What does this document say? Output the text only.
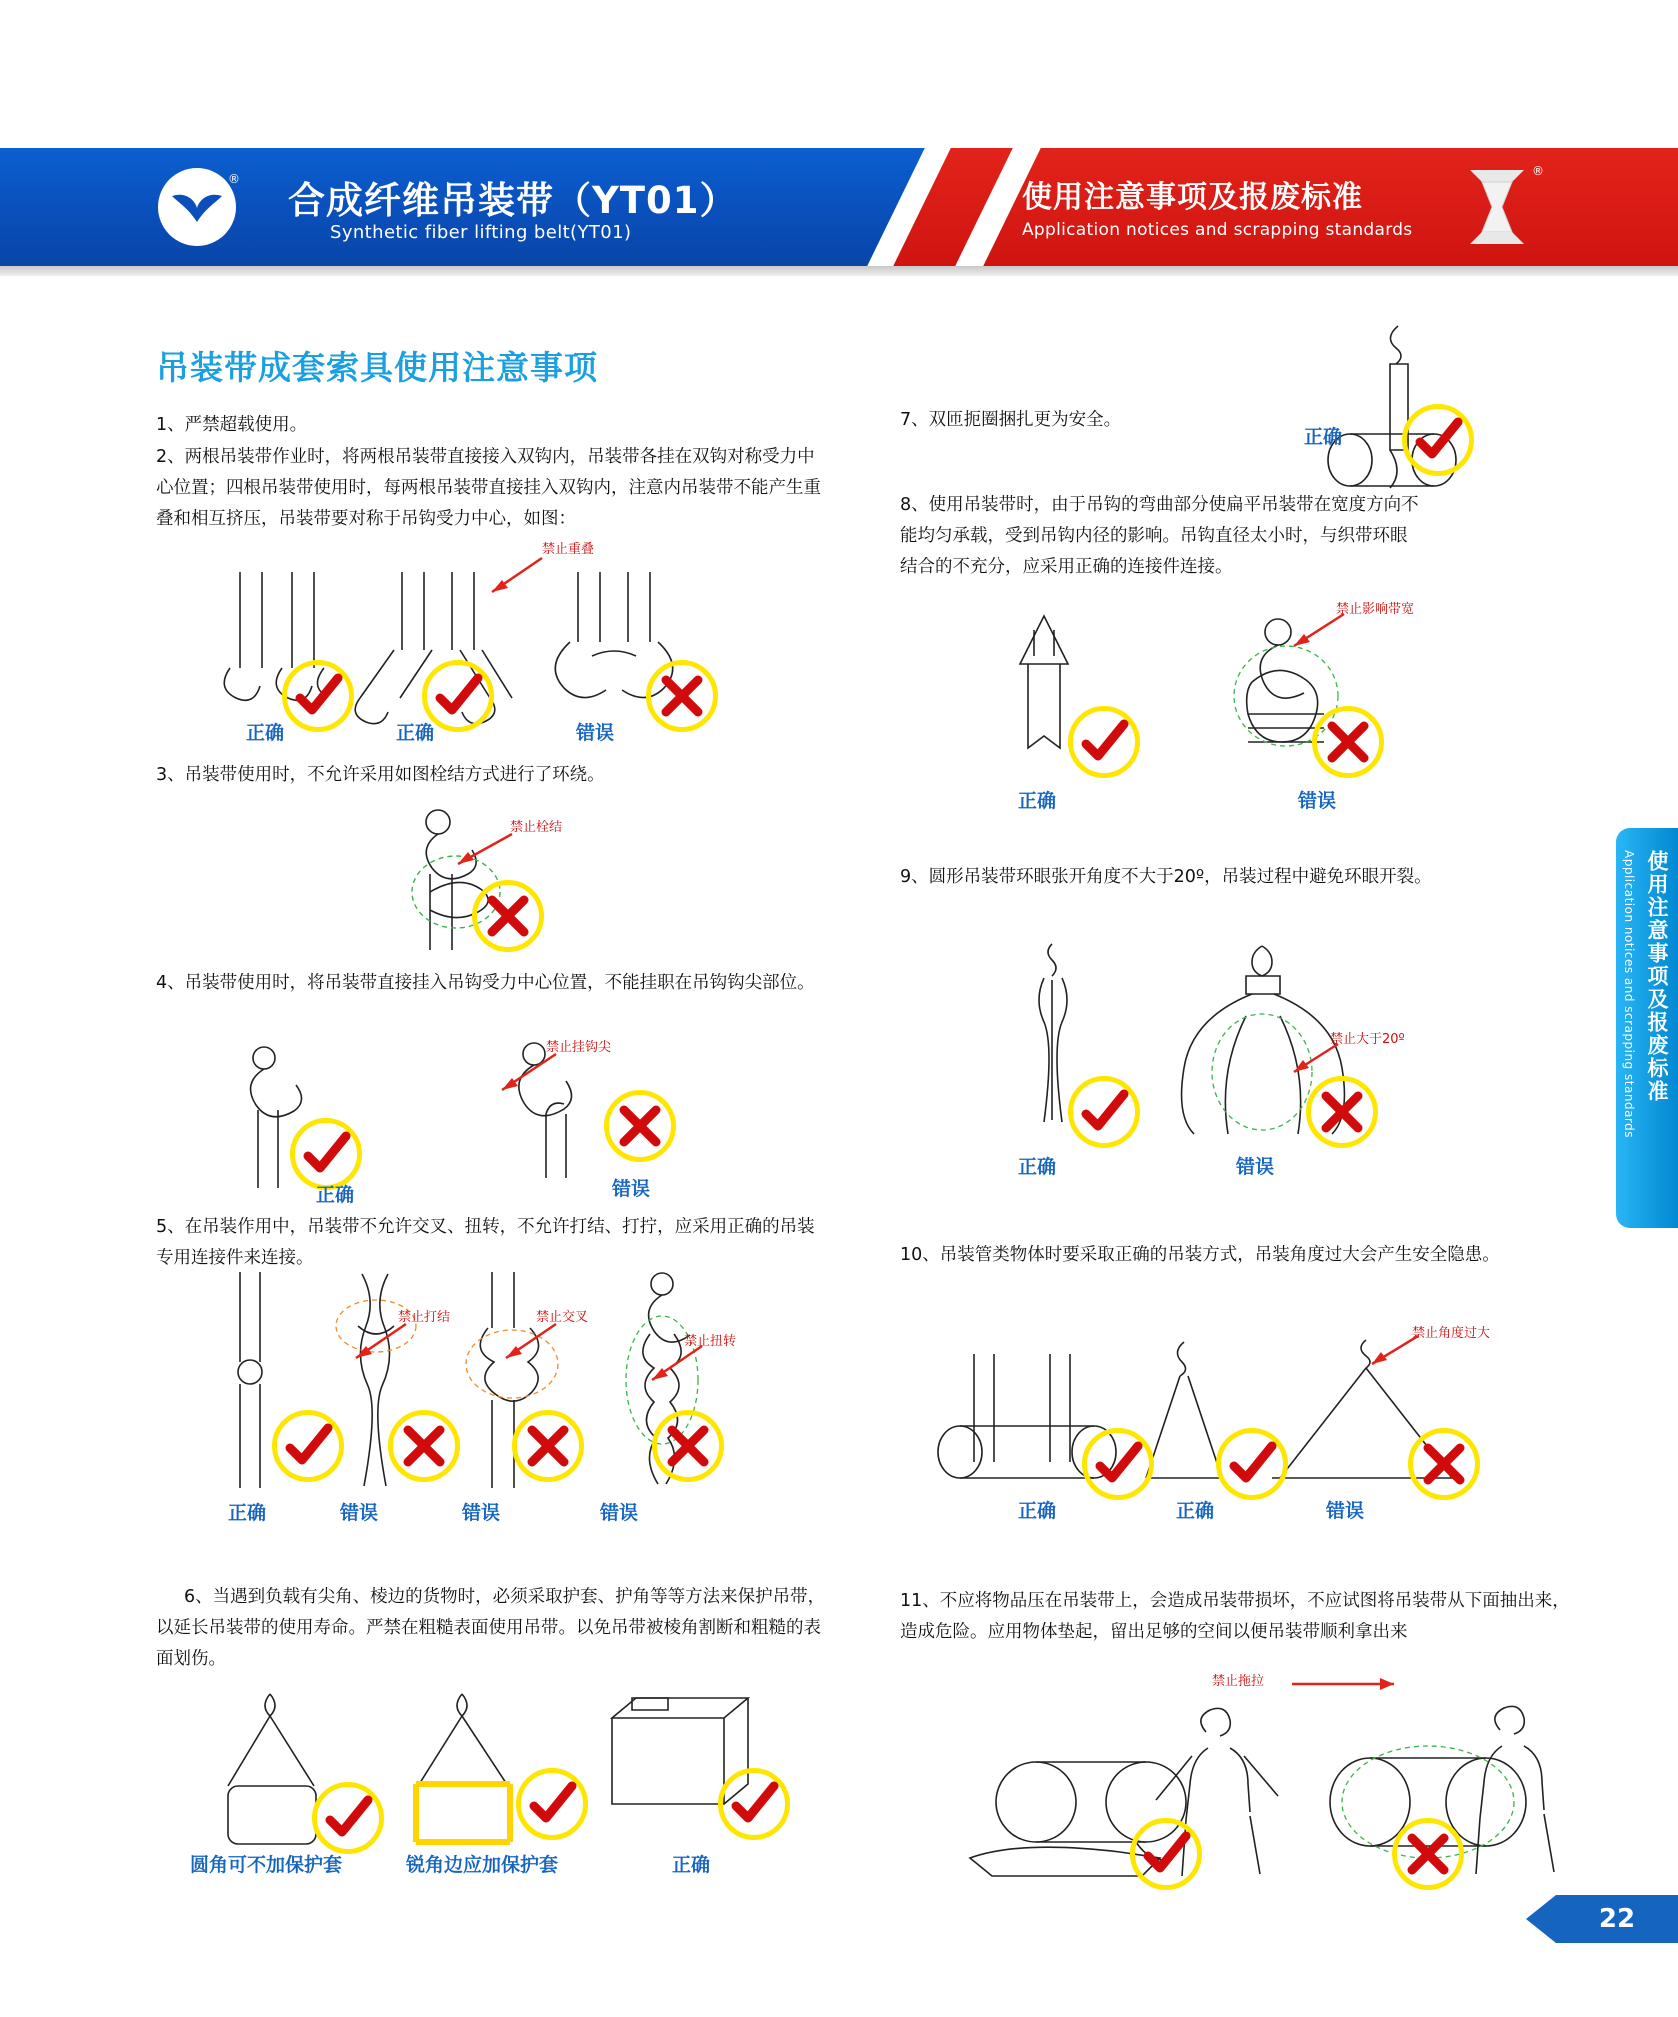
® 合成纤维吊装带（YT01）
Synthetic fiber lifting belt(YT01)
使用注意事项及报废标准
Application notices and scrapping standards
®
吊装带成套索具使用注意事项
1、严禁超载使用。
2、两根吊装带作业时，将两根吊装带直接接入双钩内，吊装带各挂在双钩对称受力中心位置；四根吊装带使用时，每两根吊装带直接挂入双钩内，注意内吊装带不能产生重叠和相互挤压，吊装带要对称于吊钩受力中心，如图：
禁止重叠
正确	正确	错误
3、吊装带使用时，不允许采用如图栓结方式进行了环绕。
禁止栓结
4、吊装带使用时，将吊装带直接挂入吊钩受力中心位置，不能挂职在吊钩钩尖部位。
禁止挂钩尖
正确	错误
5、在吊装作用中，吊装带不允许交叉、扭转，不允许打结、打拧，应采用正确的吊装专用连接件来连接。
禁止打结	禁止交叉
禁止扭转
正确	错误	错误	错误
6、当遇到负载有尖角、棱边的货物时，必须采取护套、护角等等方法来保护吊带，以延长吊装带的使用寿命。严禁在粗糙表面使用吊带。以免吊带被棱角割断和粗糙的表面划伤。
圆角可不加保护套	锐角边应加保护套	正确
7、双匝扼圈捆扎更为安全。
正确
8、使用吊装带时，由于吊钩的弯曲部分使扁平吊装带在宽度方向不能均匀承载，受到吊钩内径的影响。吊钩直径太小时，与织带环眼结合的不充分，应采用正确的连接件连接。
禁止影响带宽
正确	错误
9、圆形吊装带环眼张开角度不大于20º，吊装过程中避免环眼开裂。
禁止大于20º
正确	错误
10、吊装管类物体时要采取正确的吊装方式，吊装角度过大会产生安全隐患。
禁止角度过大
正确	正确	错误
11、不应将物品压在吊装带上，会造成吊装带损坏，不应试图将吊装带从下面抽出来，造成危险。应用物体垫起，留出足够的空间以便吊装带顺利拿出来
禁止拖拉
使用注意事项及报废标准
Application notices and scrapping standards
22
